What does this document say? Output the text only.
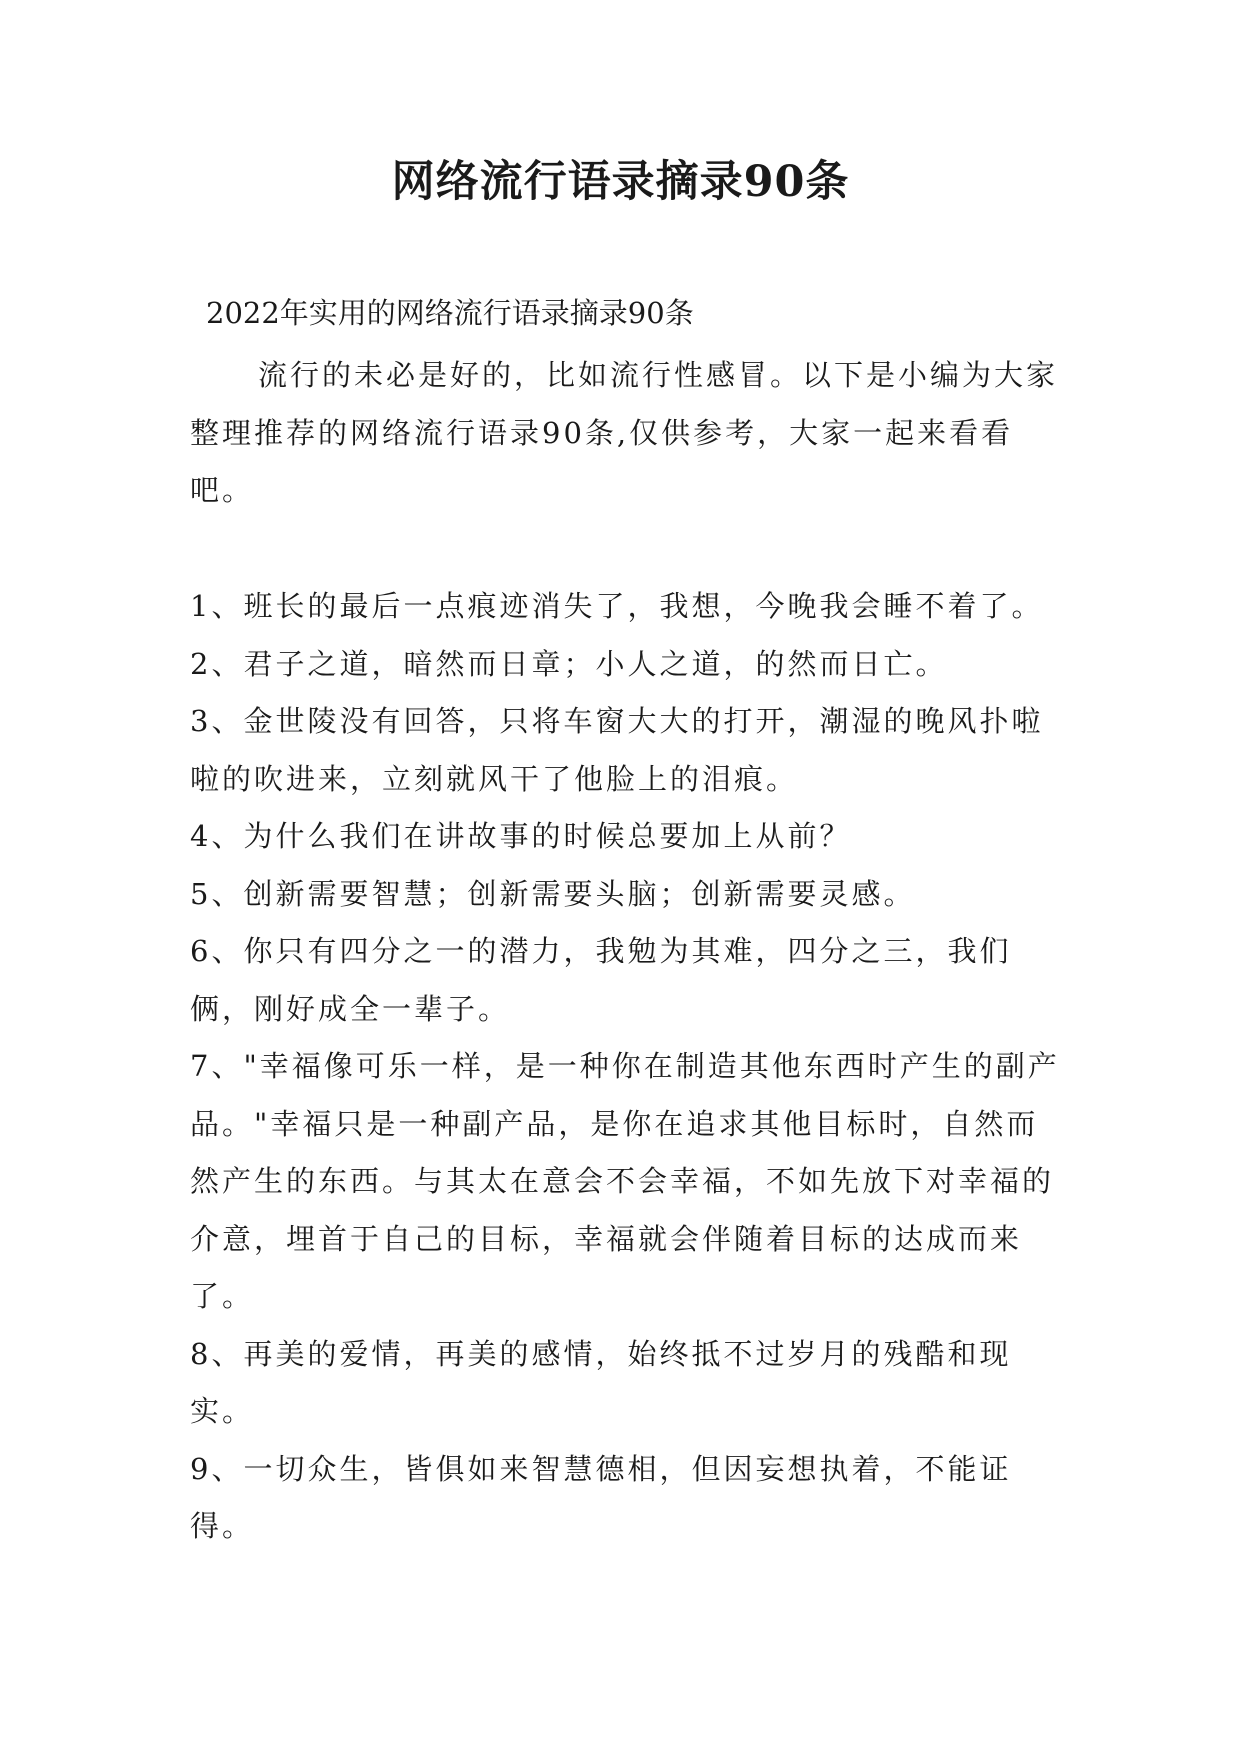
网络流行语录摘录90条
2022年实用的网络流行语录摘录90条
流行的未必是好的，比如流行性感冒。以下是小编为大家整理推荐的网络流行语录90条,仅供参考，大家一起来看看吧。

1、班长的最后一点痕迹消失了，我想，今晚我会睡不着了。

2、君子之道，暗然而日章；小人之道，的然而日亡。

3、金世陵没有回答，只将车窗大大的打开，潮湿的晚风扑啦啦的吹进来，立刻就风干了他脸上的泪痕。

4、为什么我们在讲故事的时候总要加上从前？

5、创新需要智慧；创新需要头脑；创新需要灵感。

6、你只有四分之一的潜力，我勉为其难，四分之三，我们俩，刚好成全一辈子。

7、"幸福像可乐一样，是一种你在制造其他东西时产生的副产品。"幸福只是一种副产品，是你在追求其他目标时，自然而然产生的东西。与其太在意会不会幸福，不如先放下对幸福的介意，埋首于自己的目标，幸福就会伴随着目标的达成而来了。

8、再美的爱情，再美的感情，始终抵不过岁月的残酷和现实。

9、一切众生，皆俱如来智慧德相，但因妄想执着，不能证得。
